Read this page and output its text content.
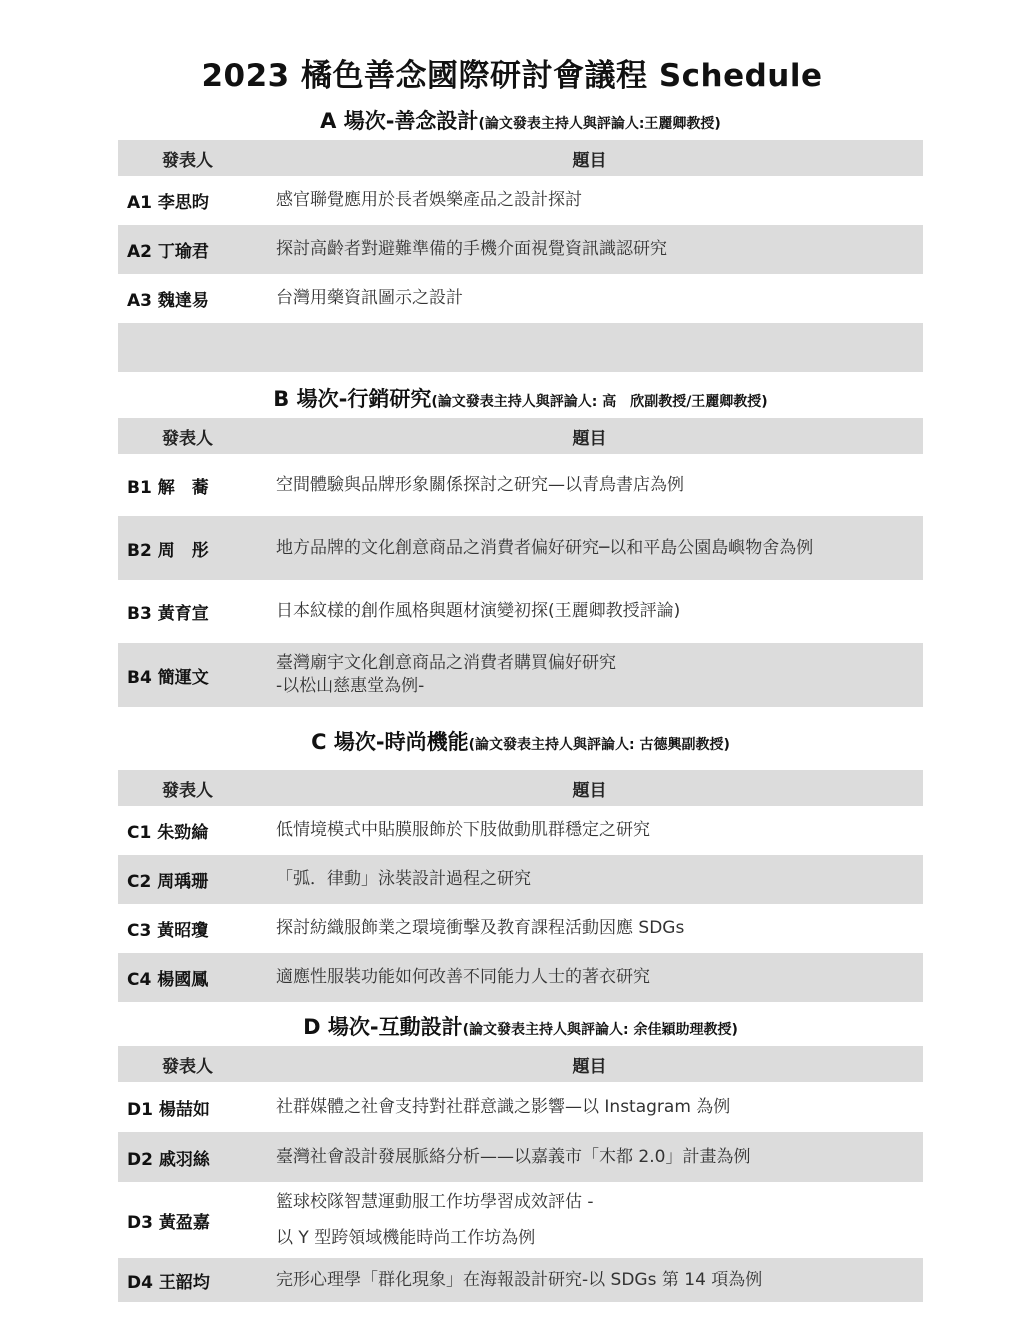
2023 橘色善念國際研討會議程 Schedule
A 場次-善念設計(論文發表主持人與評論人:王麗卿教授)
發表人	題目
A1 李思昀	感官聯覺應用於長者娛樂產品之設計探討
A2 丁瑜君	探討高齡者對避難準備的手機介面視覺資訊識認研究
A3 魏達易	台灣用藥資訊圖示之設計

B 場次-行銷研究(論文發表主持人與評論人: 高　欣副教授/王麗卿教授)
發表人	題目
B1 解　蕎	空間體驗與品牌形象關係探討之研究—以青鳥書店為例
B2 周　彤	地方品牌的文化創意商品之消費者偏好研究─以和平島公園島嶼物舍為例
B3 黃育宣	日本紋樣的創作風格與題材演變初探(王麗卿教授評論)
B4 簡運文	臺灣廟宇文化創意商品之消費者購買偏好研究
-以松山慈惠堂為例-
C 場次-時尚機能(論文發表主持人與評論人: 古德興副教授)
發表人	題目
C1 朱勁綸	低情境模式中貼膜服飾於下肢做動肌群穩定之研究
C2 周瑀珊	「弧．律動」泳裝設計過程之研究
C3 黃昭瓊	探討紡織服飾業之環境衝擊及教育課程活動因應 SDGs
C4 楊國鳳	適應性服裝功能如何改善不同能力人士的著衣研究
D 場次-互動設計(論文發表主持人與評論人: 余佳穎助理教授)
發表人	題目
D1 楊喆如	社群媒體之社會支持對社群意識之影響—以 Instagram 為例
D2 戚羽絲	臺灣社會設計發展脈絡分析——以嘉義市「木都 2.0」計畫為例
D3 黃盈嘉	籃球校隊智慧運動服工作坊學習成效評估 -
以 Y 型跨領域機能時尚工作坊為例

D4 王韶均	完形心理學「群化現象」在海報設計研究-以 SDGs 第 14 項為例
